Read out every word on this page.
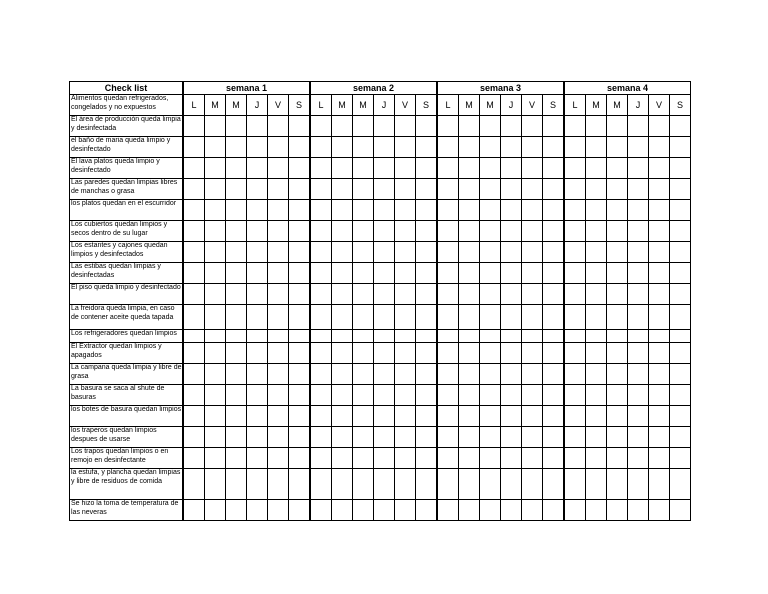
Check list	semana 1						semana 2						semana 3						semana 4					
Alimentos quedan refrigerados, congelados y no expuestos	L	M	M	J	V	S	L	M	M	J	V	S	L	M	M	J	V	S	L	M	M	J	V	S
El área de producción queda limpia y desinfectada																								
el baño de maria queda limpio y desinfectado																								
El lava platos queda limpio y desinfectado																								
Las paredes quedan limpias libres de manchas o grasa																								
los platos quedan en el escurridor																								
Los cubiertos quedan limpios y secos dentro de su lugar																								
Los estantes y cajones quedan limpios y desinfectados																								
Las estibas quedan limpias y desinfectadas																								
El piso queda limpio y desinfectado																								
La freidora queda limpia, en caso de contener aceite queda tapada																								
Los refrigeradores quedan limpios																								
El Extractor quedan limpios y apagados																								
La campana queda limpia y libre de grasa																								
La basura se saca al shute de basuras																								
los botes de basura quedan limpios																								
los traperos quedan limpios despues de usarse																								
Los trapos quedan limpios o en remojo en desinfectante																								
la estufa, y plancha quedan limpias y libre de residuos de comida																								
Se hizo la toma de temperatura de las neveras																								
